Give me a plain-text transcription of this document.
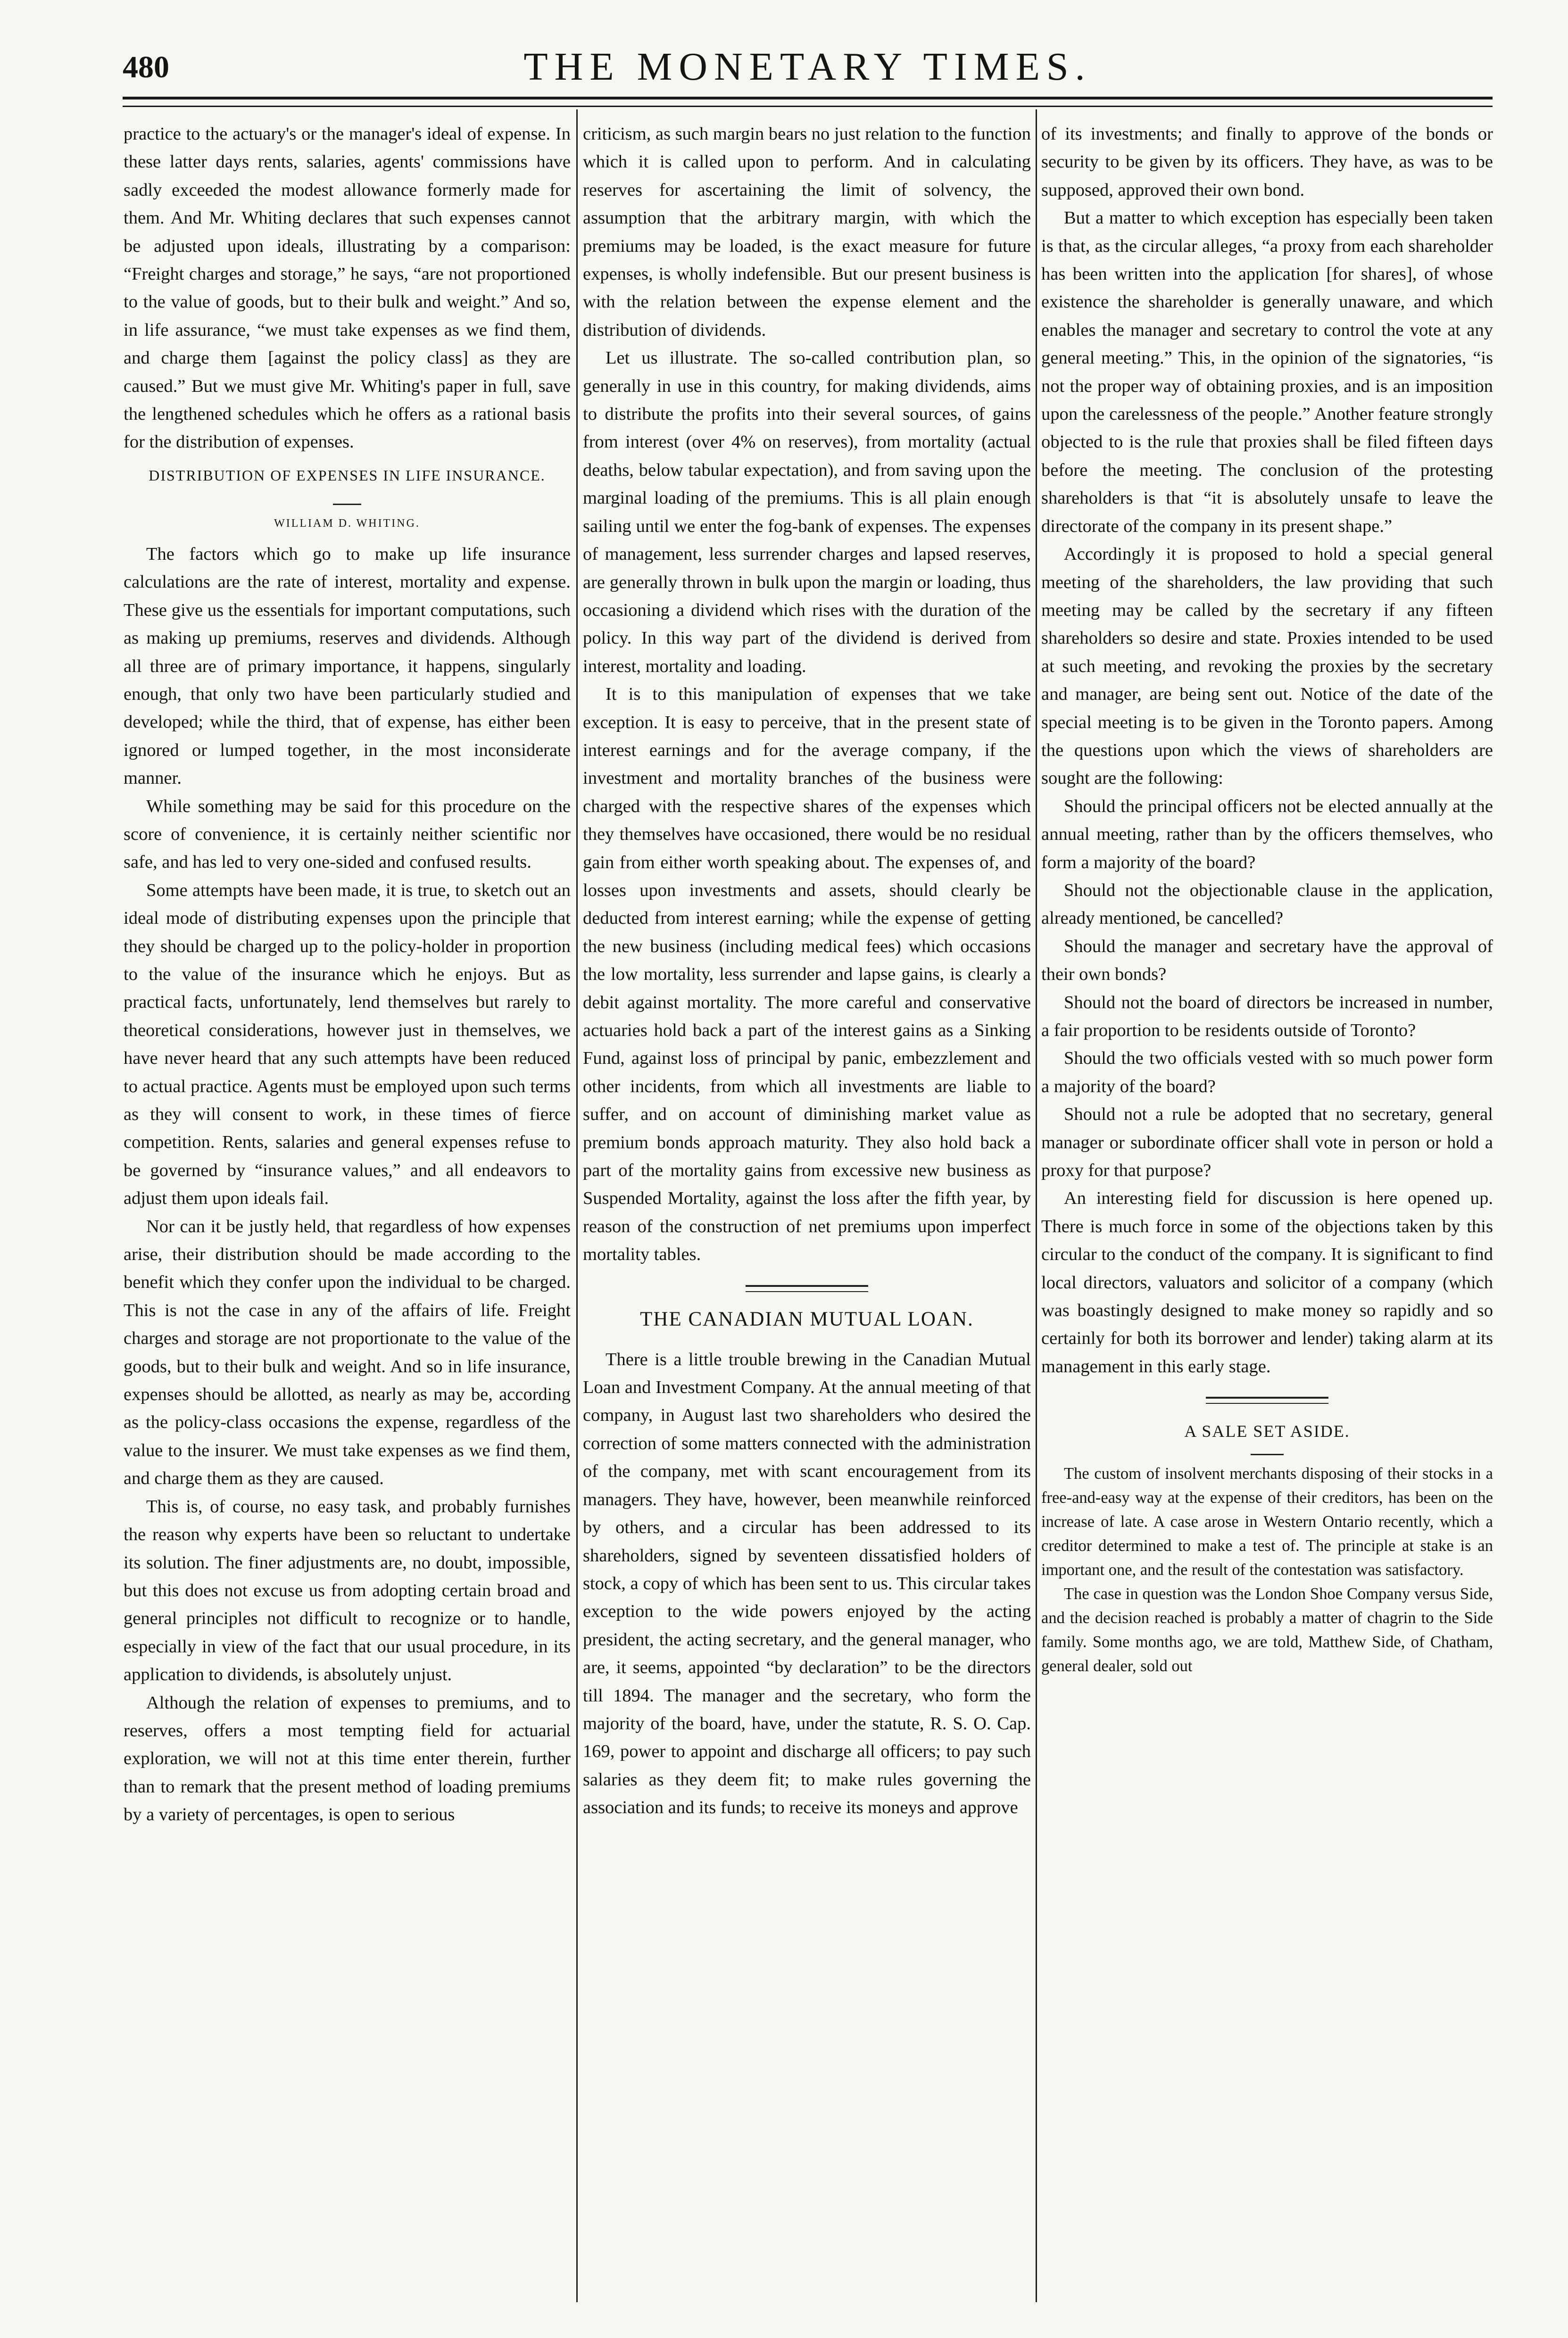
480	THE MONETARY TIMES.

practice to the actuary's or the manager's ideal of expense. In these latter days rents, salaries, agents' commissions have sadly exceeded the modest allowance formerly made for them. And Mr. Whiting declares that such expenses cannot be adjusted upon ideals, illustrating by a comparison: “Freight charges and storage,” he says, “are not proportioned to the value of goods, but to their bulk and weight.” And so, in life assurance, “we must take expenses as we find them, and charge them [against the policy class] as they are caused.” But we must give Mr. Whiting's paper in full, save the lengthened schedules which he offers as a rational basis for the distribution of expenses.

DISTRIBUTION OF EXPENSES IN LIFE INSURANCE.
WILLIAM D. WHITING.

The factors which go to make up life insurance calculations are the rate of interest, mortality and expense. These give us the essentials for important computations, such as making up premiums, reserves and dividends. Although all three are of primary importance, it happens, singularly enough, that only two have been particularly studied and developed; while the third, that of expense, has either been ignored or lumped together, in the most inconsiderate manner.

While something may be said for this procedure on the score of convenience, it is certainly neither scientific nor safe, and has led to very one-sided and confused results.

Some attempts have been made, it is true, to sketch out an ideal mode of distributing expenses upon the principle that they should be charged up to the policy-holder in proportion to the value of the insurance which he enjoys. But as practical facts, unfortunately, lend themselves but rarely to theoretical considerations, however just in themselves, we have never heard that any such attempts have been reduced to actual practice. Agents must be employed upon such terms as they will consent to work, in these times of fierce competition. Rents, salaries and general expenses refuse to be governed by “insurance values,” and all endeavors to adjust them upon ideals fail.

Nor can it be justly held, that regardless of how expenses arise, their distribution should be made according to the benefit which they confer upon the individual to be charged. This is not the case in any of the affairs of life. Freight charges and storage are not proportionate to the value of the goods, but to their bulk and weight. And so in life insurance, expenses should be allotted, as nearly as may be, according as the policy-class occasions the expense, regardless of the value to the insurer. We must take expenses as we find them, and charge them as they are caused.

This is, of course, no easy task, and probably furnishes the reason why experts have been so reluctant to undertake its solution. The finer adjustments are, no doubt, impossible, but this does not excuse us from adopting certain broad and general principles not difficult to recognize or to handle, especially in view of the fact that our usual procedure, in its application to dividends, is absolutely unjust.

Although the relation of expenses to premiums, and to reserves, offers a most tempting field for actuarial exploration, we will not at this time enter therein, further than to remark that the present method of loading premiums by a variety of percentages, is open to serious

criticism, as such margin bears no just relation to the function which it is called upon to perform. And in calculating reserves for ascertaining the limit of solvency, the assumption that the arbitrary margin, with which the premiums may be loaded, is the exact measure for future expenses, is wholly indefensible. But our present business is with the relation between the expense element and the distribution of dividends.

Let us illustrate. The so-called contribution plan, so generally in use in this country, for making dividends, aims to distribute the profits into their several sources, of gains from interest (over 4% on reserves), from mortality (actual deaths, below tabular expectation), and from saving upon the marginal loading of the premiums. This is all plain enough sailing until we enter the fog-bank of expenses. The expenses of management, less surrender charges and lapsed reserves, are generally thrown in bulk upon the margin or loading, thus occasioning a dividend which rises with the duration of the policy. In this way part of the dividend is derived from interest, mortality and loading.

It is to this manipulation of expenses that we take exception. It is easy to perceive, that in the present state of interest earnings and for the average company, if the investment and mortality branches of the business were charged with the respective shares of the expenses which they themselves have occasioned, there would be no residual gain from either worth speaking about. The expenses of, and losses upon investments and assets, should clearly be deducted from interest earning; while the expense of getting the new business (including medical fees) which occasions the low mortality, less surrender and lapse gains, is clearly a debit against mortality. The more careful and conservative actuaries hold back a part of the interest gains as a Sinking Fund, against loss of principal by panic, embezzlement and other incidents, from which all investments are liable to suffer, and on account of diminishing market value as premium bonds approach maturity. They also hold back a part of the mortality gains from excessive new business as Suspended Mortality, against the loss after the fifth year, by reason of the construction of net premiums upon imperfect mortality tables.

THE CANADIAN MUTUAL LOAN.

There is a little trouble brewing in the Canadian Mutual Loan and Investment Company. At the annual meeting of that company, in August last two shareholders who desired the correction of some matters connected with the administration of the company, met with scant encouragement from its managers. They have, however, been meanwhile reinforced by others, and a circular has been addressed to its shareholders, signed by seventeen dissatisfied holders of stock, a copy of which has been sent to us. This circular takes exception to the wide powers enjoyed by the acting president, the acting secretary, and the general manager, who are, it seems, appointed “by declaration” to be the directors till 1894. The manager and the secretary, who form the majority of the board, have, under the statute, R. S. O. Cap. 169, power to appoint and discharge all officers; to pay such salaries as they deem fit; to make rules governing the association and its funds; to receive its moneys and approve

of its investments; and finally to approve of the bonds or security to be given by its officers. They have, as was to be supposed, approved their own bond.

But a matter to which exception has especially been taken is that, as the circular alleges, “a proxy from each shareholder has been written into the application [for shares], of whose existence the shareholder is generally unaware, and which enables the manager and secretary to control the vote at any general meeting.” This, in the opinion of the signatories, “is not the proper way of obtaining proxies, and is an imposition upon the carelessness of the people.” Another feature strongly objected to is the rule that proxies shall be filed fifteen days before the meeting. The conclusion of the protesting shareholders is that “it is absolutely unsafe to leave the directorate of the company in its present shape.”

Accordingly it is proposed to hold a special general meeting of the shareholders, the law providing that such meeting may be called by the secretary if any fifteen shareholders so desire and state. Proxies intended to be used at such meeting, and revoking the proxies by the secretary and manager, are being sent out. Notice of the date of the special meeting is to be given in the Toronto papers. Among the questions upon which the views of shareholders are sought are the following:

Should the principal officers not be elected annually at the annual meeting, rather than by the officers themselves, who form a majority of the board?

Should not the objectionable clause in the application, already mentioned, be cancelled?

Should the manager and secretary have the approval of their own bonds?

Should not the board of directors be increased in number, a fair proportion to be residents outside of Toronto?

Should the two officials vested with so much power form a majority of the board?

Should not a rule be adopted that no secretary, general manager or subordinate officer shall vote in person or hold a proxy for that purpose?

An interesting field for discussion is here opened up. There is much force in some of the objections taken by this circular to the conduct of the company. It is significant to find local directors, valuators and solicitor of a company (which was boastingly designed to make money so rapidly and so certainly for both its borrower and lender) taking alarm at its management in this early stage.

A SALE SET ASIDE.

The custom of insolvent merchants disposing of their stocks in a free-and-easy way at the expense of their creditors, has been on the increase of late. A case arose in Western Ontario recently, which a creditor determined to make a test of. The principle at stake is an important one, and the result of the contestation was satisfactory.

The case in question was the London Shoe Company versus Side, and the decision reached is probably a matter of chagrin to the Side family. Some months ago, we are told, Matthew Side, of Chatham, general dealer, sold out
